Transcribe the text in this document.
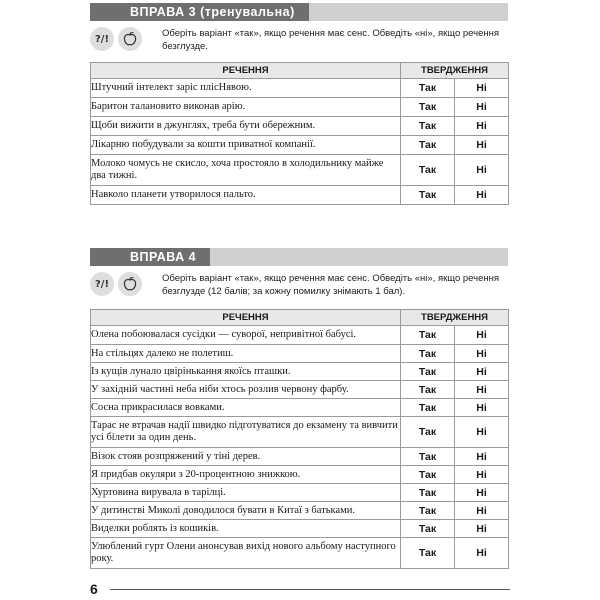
ВПРАВА 3 (тренувальна)
?/!	Оберіть варіант «так», якщо речення має сенс. Обведіть «ні», якщо речення безглузде.
РЕЧЕННЯ	ТВЕРДЖЕННЯ	
Штучний інтелект заріс плісНявою.	Так	Ні
Баритон талановито виконав арію.	Так	Ні
Щоби вижити в джунглях, треба бути обережним.	Так	Ні
Лікарню побудували за кошти приватної компанії.	Так	Ні
Молоко чомусь не скисло, хоча простояло в холодильнику майже два тижні.	Так	Ні
Навколо планети утворилося пальто.	Так	Ні
ВПРАВА 4
?/!	Оберіть варіант «так», якщо речення має сенс. Обведіть «ні», якщо речення безглузде (12 балів; за кожну помилку знімають 1 бал).
РЕЧЕННЯ	ТВЕРДЖЕННЯ	
Олена побоювалася сусідки — суворої, непривітної бабусі.	Так	Ні
На стільцях далеко не полетиш.	Так	Ні
Із кущів лунало цвірінькання якоїсь пташки.	Так	Ні
У західній частині неба ніби хтось розлив червону фарбу.	Так	Ні
Сосна прикрасилася вовками.	Так	Ні
Тарас не втрачав надії швидко підготуватися до екзамену та вивчити усі білети за один день.	Так	Ні
Візок стояв розпряжений у тіні дерев.	Так	Ні
Я придбав окуляри з 20-процентною знижкою.	Так	Ні
Хуртовина вирувала в тарілці.	Так	Ні
У дитинстві Миколі доводилося бувати в Китаї з батьками.	Так	Ні
Виделки роблять із кошиків.	Так	Ні
Улюблений гурт Олени анонсував вихід нового альбому наступного року.	Так	Ні
6
